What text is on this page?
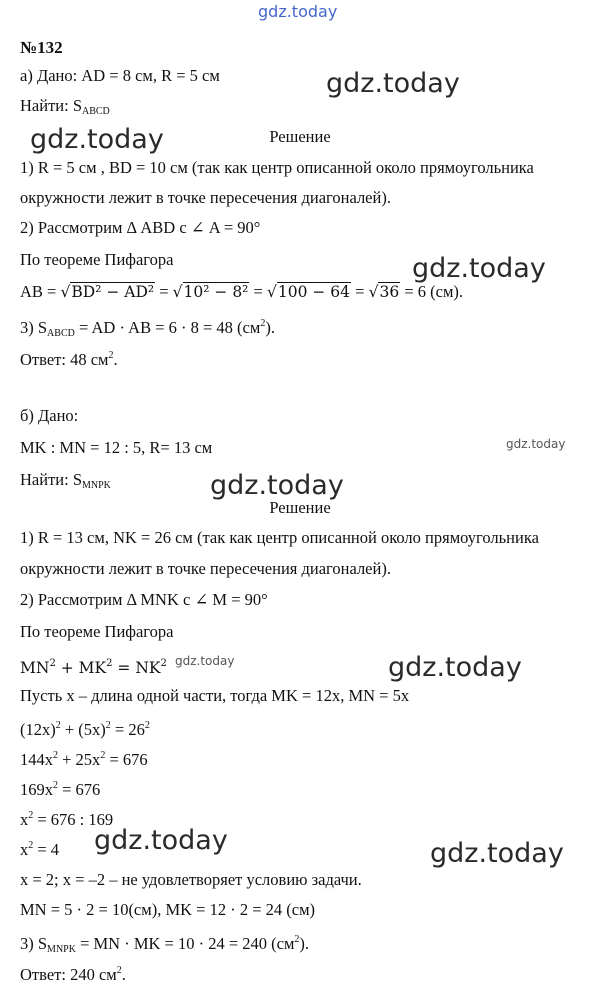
gdz.today
gdz.today
gdz.today
gdz.today
gdz.today
gdz.today
gdz.today	gdz.today
gdz.today	gdz.today
№132
а) Дано: AD = 8 см, R = 5 см
Найти: $S_{ABCD}$
Решение
1) R = 5 см , BD = 10 см (так как центр описанной около прямоугольника
окружности лежит в точке пересечения диагоналей).
2) Рассмотрим Δ ABD с ∠ A = 90°
По теореме Пифагора
AB = √BD² − AD² = √10² − 8² = √100 − 64 = √36 = 6 (см).
3) $S_{ABCD}$ = AD · AB = 6 · 8 = 48 $(см^2)$.
Ответ: 48 $см^2$.
б) Дано:
MK : MN = 12 : 5, R= 13 см
Найти: $S_{MNPK}$
Решение
1) R = 13 см, NK = 26 см (так как центр описанной около прямоугольника
окружности лежит в точке пересечения диагоналей).
2) Рассмотрим Δ MNK с ∠ M = 90°
По теореме Пифагора
$MN^2 + MK^2 = NK^2$
Пусть x – длина одной части, тогда MK = 12x, MN = 5x
$(12x)^2 + (5x)^2 = 26^2$
$144x^2 + 25x^2 = 676$
$169x^2 = 676$
$x^2 = 676$ : 169
$x^2 = 4$
x = 2; x = –2 – не удовлетворяет условию задачи.
MN = 5 · 2 = 10(см), MK = 12 · 2 = 24 (см)
3) $S_{MNPK}$ = MN · MK = 10 · 24 = 240 $(см^2)$.
Ответ: 240 $см^2$.
